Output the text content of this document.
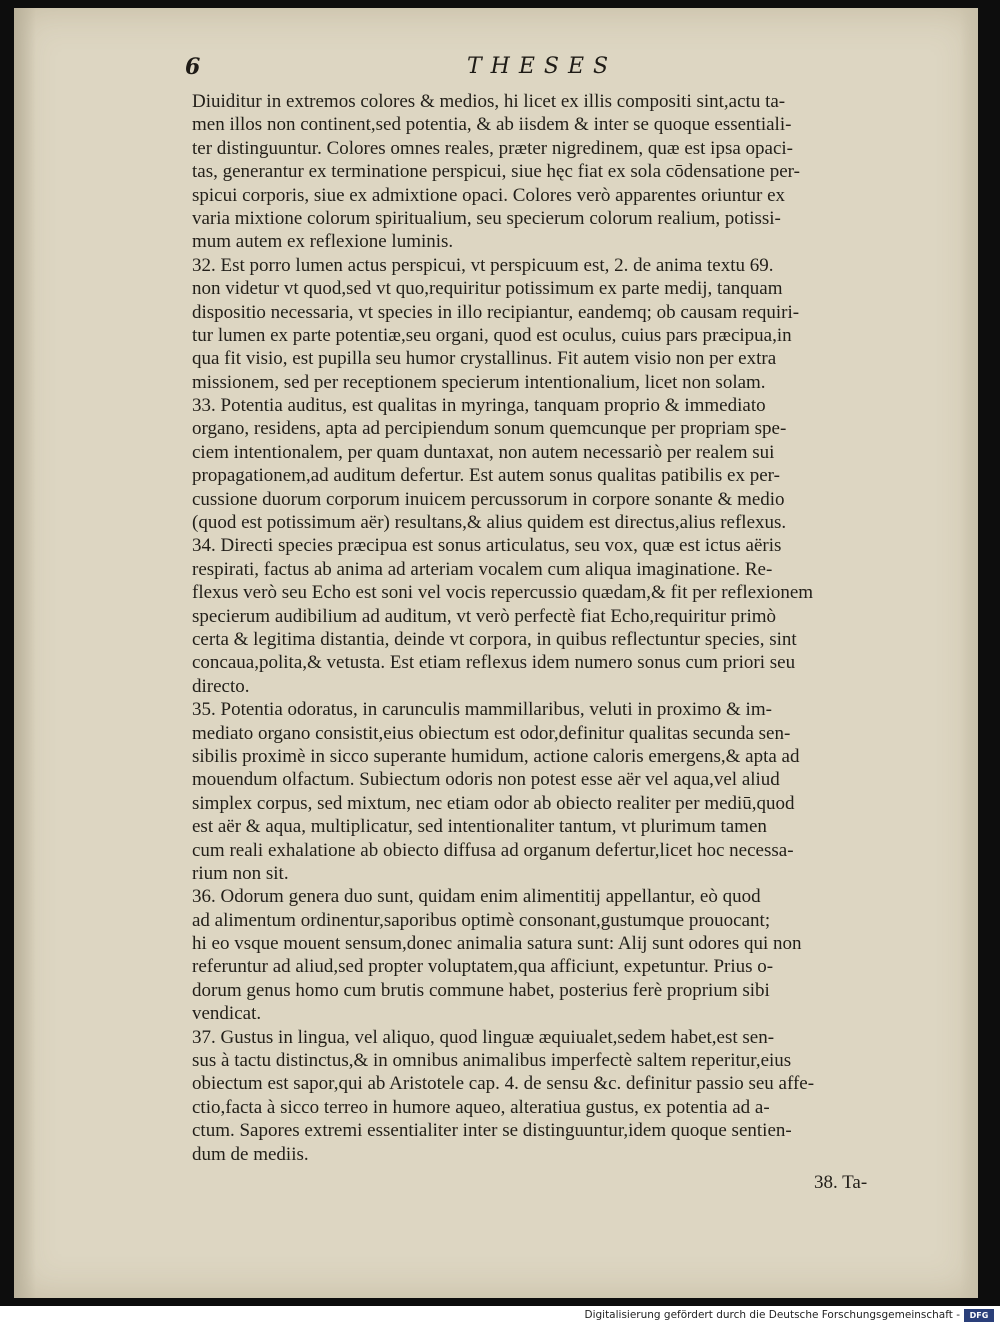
6	THESES
Diuiditur in extremos colores & medios, hi licet ex illis compositi sint,actu ta-
men illos non continent,sed potentia, & ab iisdem & inter se quoque essentiali-
ter distinguuntur. Colores omnes reales, præter nigredinem, quæ est ipsa opaci-
tas, generantur ex terminatione perspicui, siue hęc fiat ex sola cōdensatione per-
spicui corporis, siue ex admixtione opaci. Colores verò apparentes oriuntur ex
varia mixtione colorum spiritualium, seu specierum colorum realium, potissi-
mum autem ex reflexione luminis.
32. Est porro lumen actus perspicui, vt perspicuum est, 2. de anima textu 69.
non videtur vt quod,sed vt quo,requiritur potissimum ex parte medij, tanquam
dispositio necessaria, vt species in illo recipiantur, eandemq; ob causam requiri-
tur lumen ex parte potentiæ,seu organi, quod est oculus, cuius pars præcipua,in
qua fit visio, est pupilla seu humor crystallinus. Fit autem visio non per extra
missionem, sed per receptionem specierum intentionalium, licet non solam.
33. Potentia auditus, est qualitas in myringa, tanquam proprio & immediato
organo, residens, apta ad percipiendum sonum quemcunque per propriam spe-
ciem intentionalem, per quam duntaxat, non autem necessariò per realem sui
propagationem,ad auditum defertur. Est autem sonus qualitas patibilis ex per-
cussione duorum corporum inuicem percussorum in corpore sonante & medio
(quod est potissimum aër) resultans,& alius quidem est directus,alius reflexus.
34. Directi species præcipua est sonus articulatus, seu vox, quæ est ictus aëris
respirati, factus ab anima ad arteriam vocalem cum aliqua imaginatione. Re-
flexus verò seu Echo est soni vel vocis repercussio quædam,& fit per reflexionem
specierum audibilium ad auditum, vt verò perfectè fiat Echo,requiritur primò
certa & legitima distantia, deinde vt corpora, in quibus reflectuntur species, sint
concaua,polita,& vetusta. Est etiam reflexus idem numero sonus cum priori seu
directo.
35. Potentia odoratus, in carunculis mammillaribus, veluti in proximo & im-
mediato organo consistit,eius obiectum est odor,definitur qualitas secunda sen-
sibilis proximè in sicco superante humidum, actione caloris emergens,& apta ad
mouendum olfactum. Subiectum odoris non potest esse aër vel aqua,vel aliud
simplex corpus, sed mixtum, nec etiam odor ab obiecto realiter per mediū,quod
est aër & aqua, multiplicatur, sed intentionaliter tantum, vt plurimum tamen
cum reali exhalatione ab obiecto diffusa ad organum defertur,licet hoc necessa-
rium non sit.
36. Odorum genera duo sunt, quidam enim alimentitij appellantur, eò quod
ad alimentum ordinentur,saporibus optimè consonant,gustumque prouocant;
hi eo vsque mouent sensum,donec animalia satura sunt: Alij sunt odores qui non
referuntur ad aliud,sed propter voluptatem,qua afficiunt, expetuntur. Prius o-
dorum genus homo cum brutis commune habet, posterius ferè proprium sibi
vendicat.
37. Gustus in lingua, vel aliquo, quod linguæ æquiualet,sedem habet,est sen-
sus à tactu distinctus,& in omnibus animalibus imperfectè saltem reperitur,eius
obiectum est sapor,qui ab Aristotele cap. 4. de sensu &c. definitur passio seu affe-
ctio,facta à sicco terreo in humore aqueo, alteratiua gustus, ex potentia ad a-
ctum. Sapores extremi essentialiter inter se distinguuntur,idem quoque sentien-
dum de mediis.
38. Ta-
Digitalisierung gefördert durch die Deutsche Forschungsgemeinschaft -	DFG
